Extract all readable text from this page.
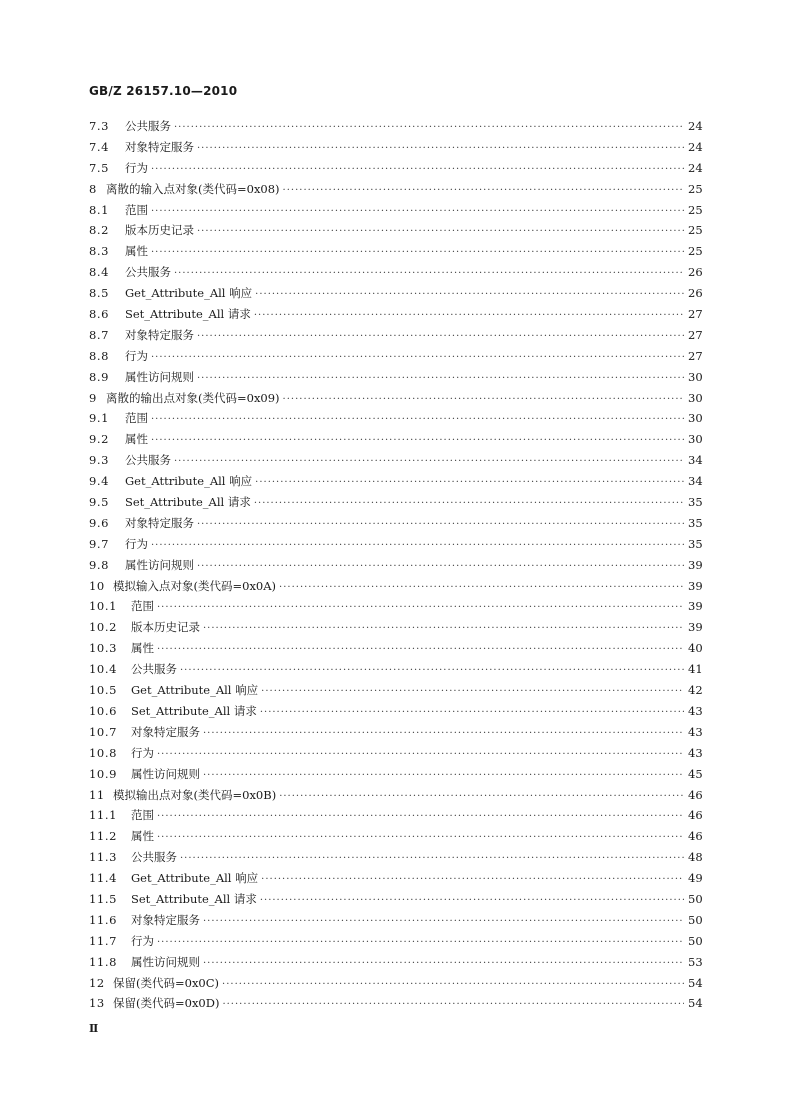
GB/Z 26157.10—2010
7.3	公共服务 ·····	24
7.4	对象特定服务 ·····	24
7.5	行为 ·····	24
8 离散的输入点对象(类代码=0x08) ·····	25
8.1	范围 ·····	25
8.2	版本历史记录 ·····	25
8.3	属性 ·····	25
8.4	公共服务 ·····	26
8.5	Get_Attribute_All 响应 ·····	26
8.6	Set_Attribute_All 请求 ·····	27
8.7	对象特定服务 ·····	27
8.8	行为 ·····	27
8.9	属性访问规则 ·····	30
9 离散的输出点对象(类代码=0x09) ·····	30
9.1	范围 ·····	30
9.2	属性 ·····	30
9.3	公共服务 ·····	34
9.4	Get_Attribute_All 响应 ·····	34
9.5	Set_Attribute_All 请求 ·····	35
9.6	对象特定服务 ·····	35
9.7	行为 ·····	35
9.8	属性访问规则 ·····	39
10 模拟输入点对象(类代码=0x0A) ·····	39
10.1	范围 ·····	39
10.2	版本历史记录 ·····	39
10.3	属性 ·····	40
10.4	公共服务 ·····	41
10.5	Get_Attribute_All 响应 ·····	42
10.6	Set_Attribute_All 请求 ·····	43
10.7	对象特定服务 ·····	43
10.8	行为 ·····	43
10.9	属性访问规则 ·····	45
11 模拟输出点对象(类代码=0x0B) ·····	46
11.1	范围 ·····	46
11.2	属性 ·····	46
11.3	公共服务 ·····	48
11.4	Get_Attribute_All 响应 ·····	49
11.5	Set_Attribute_All 请求 ·····	50
11.6	对象特定服务 ·····	50
11.7	行为 ·····	50
11.8	属性访问规则 ·····	53
12 保留(类代码=0x0C) ·····	54
13 保留(类代码=0x0D) ·····	54
Ⅱ
